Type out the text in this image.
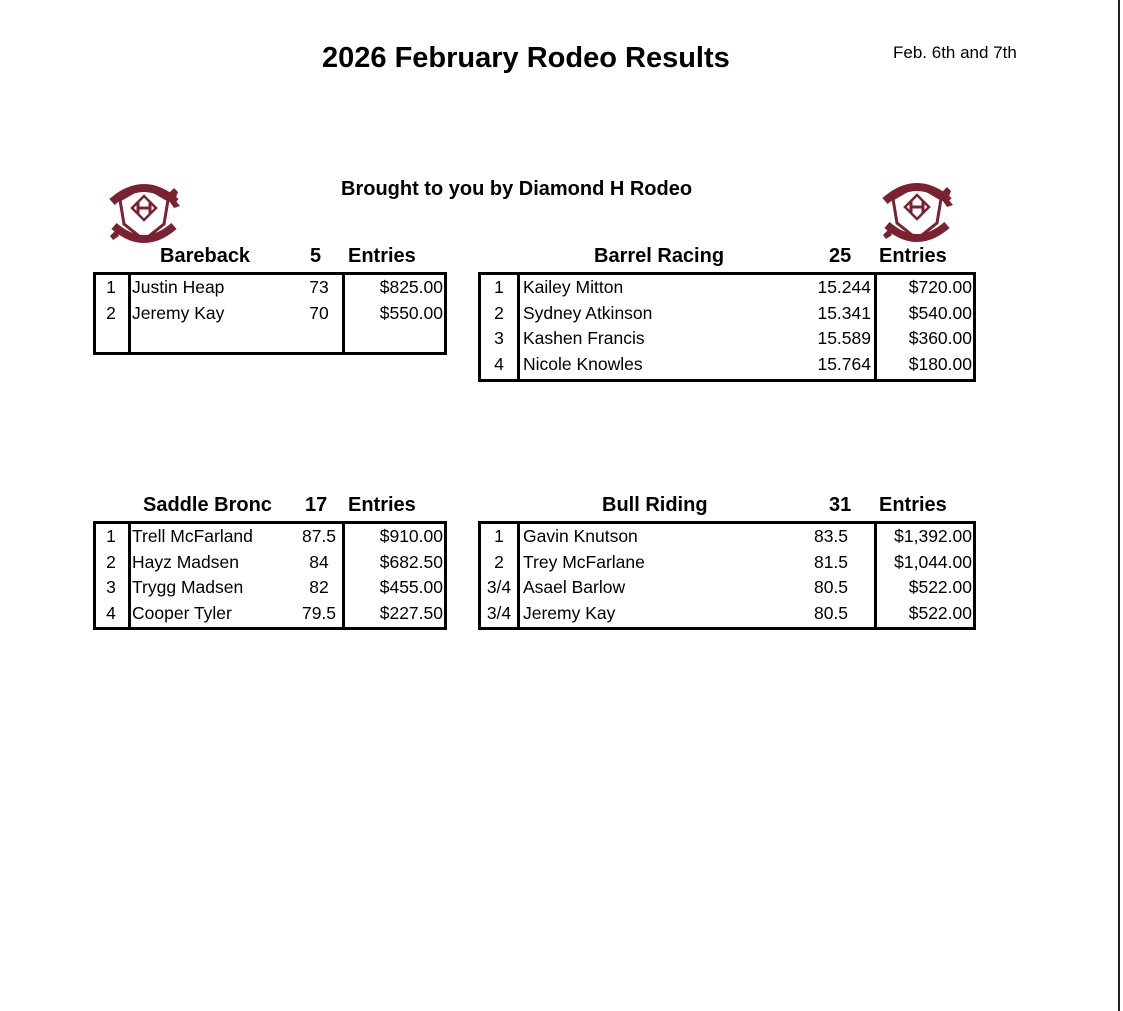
2026 February Rodeo Results	Feb. 6th and 7th
Brought to you by Diamond H Rodeo
Bareback	5 Entries
1 Justin Heap	73	$825.00
2 Jeremy Kay	70	$550.00
Barrel Racing	25 Entries
1	Kailey Mitton	15.244	$720.00
2	Sydney Atkinson	15.341	$540.00
3	Kashen Francis	15.589	$360.00
4	Nicole Knowles	15.764	$180.00
Saddle Bronc 17 Entries
1 Trell McFarland	87.5	$910.00
2 Hayz Madsen	84	$682.50
3 Trygg Madsen	82	$455.00
4 Cooper Tyler	79.5	$227.50
Bull Riding	31 Entries
1	Gavin Knutson	83.5	$1,392.00
2	Trey McFarlane	81.5	$1,044.00
3/4 Asael Barlow	80.5	$522.00
3/4 Jeremy Kay	80.5	$522.00
